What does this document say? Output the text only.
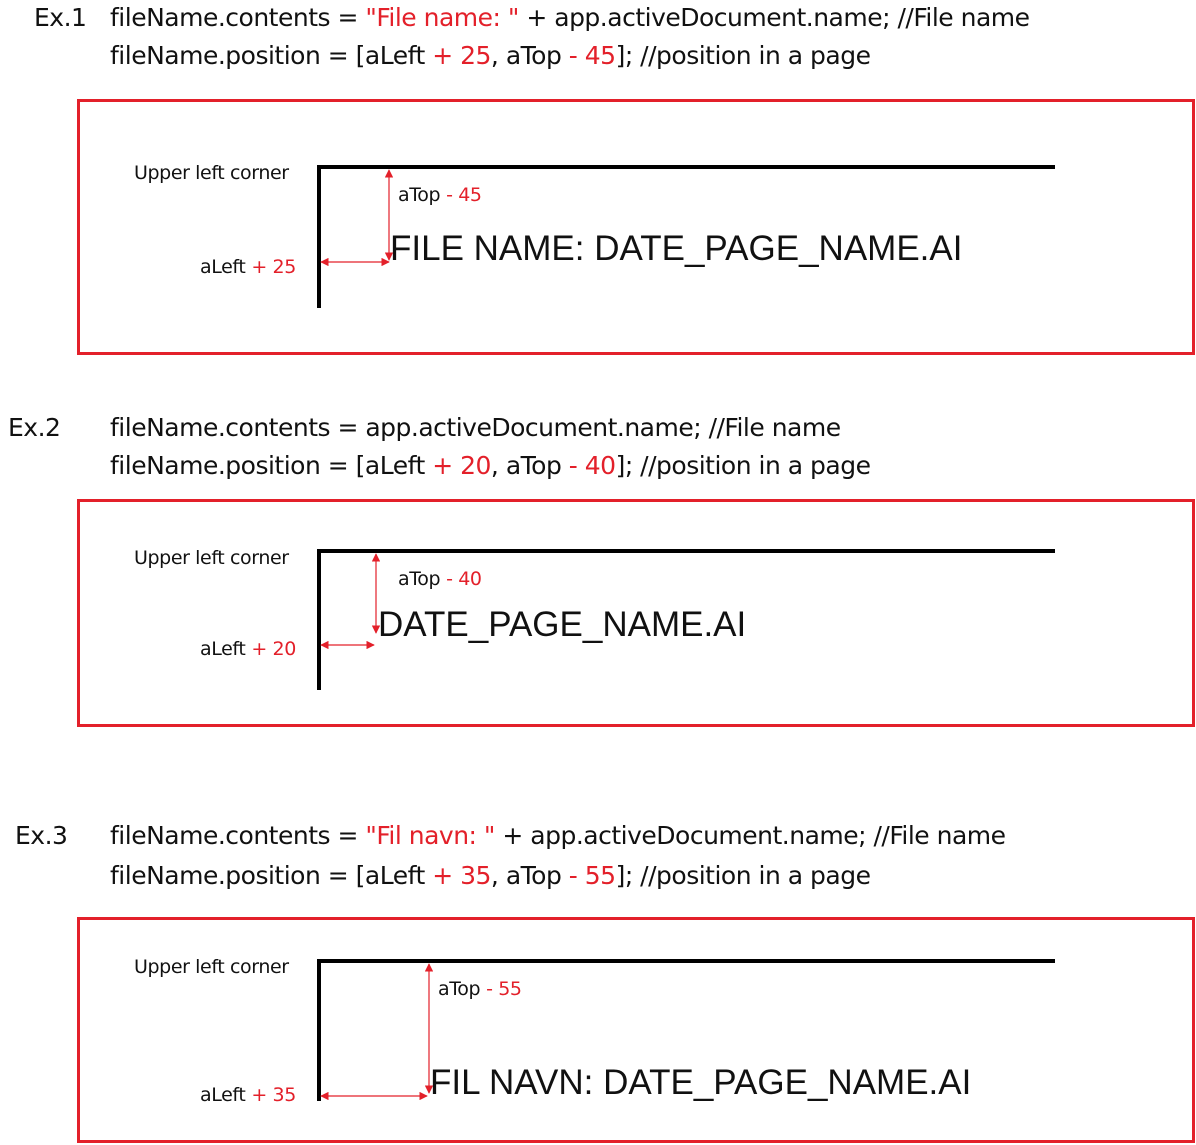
Ex.1 fileName.contents = "File name: " + app.activeDocument.name; //File name
fileName.position = [aLeft + 25, aTop - 45]; //position in a page
Ex.2 fileName.contents = app.activeDocument.name; //File name
fileName.position = [aLeft + 20, aTop - 40]; //position in a page
Ex.3 fileName.contents = "Fil navn: " + app.activeDocument.name; //File name
fileName.position = [aLeft + 35, aTop - 55]; //position in a page
Upper left corner
aTop - 45
aLeft + 25	FILE NAME: DATE_PAGE_NAME.AI
Upper left corner
aTop - 40
aLeft + 20
DATE_PAGE_NAME.AI
Upper left corner
aTop - 55
aLeft + 35	FIL NAVN: DATE_PAGE_NAME.AI
